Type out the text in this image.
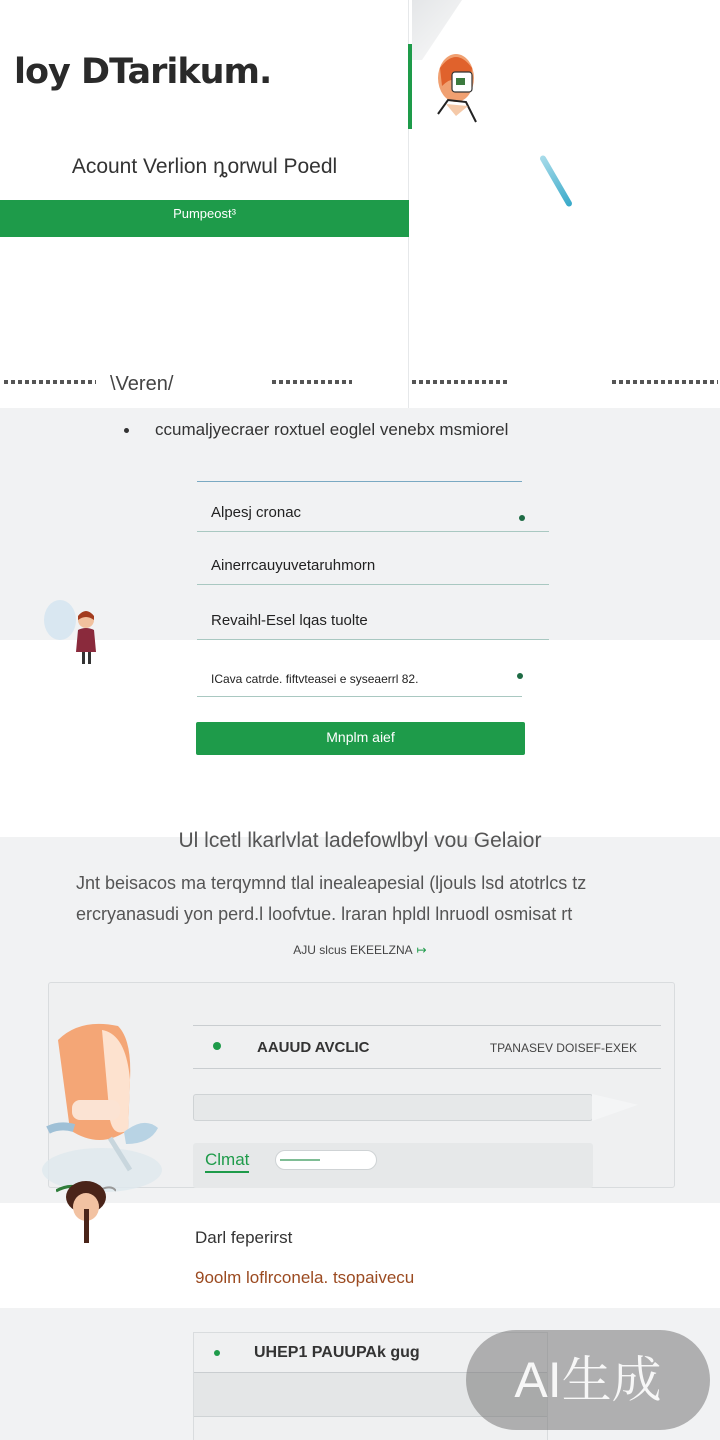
loy DTarikum.
Acount Verlion ȵorwul Poedl
Pumpeost³
\Veren/
ccumaljyecraer roxtuel eoglel venebx msmiorel
Alpesj cronac
Ainerrcauyuvetaruhmorn
Revaihl-Esel lqas tuolte
ICava catrde. fiftvteasei e syseaerrl 82.
Mnplm aief
Ul lcetl lkarlvlat ladefowlbyl vou Gelaior
Jnt beisacos ma terqymnd tlal inealeapesial (ljouls lsd atotrlcs tz
ercryanasudi yon perd.l loofvtue. lraran hpldl lnruodl osmisat rt
AJU slcus EKEELZNA ↦
AAUUD AVCLIC	TPANASEV DOISEF-EXEK
Clmat
Darl feperirst
9oolm loflrconela. tsopaivecu
UHEP1 PAUUPAk gug	AI生成
